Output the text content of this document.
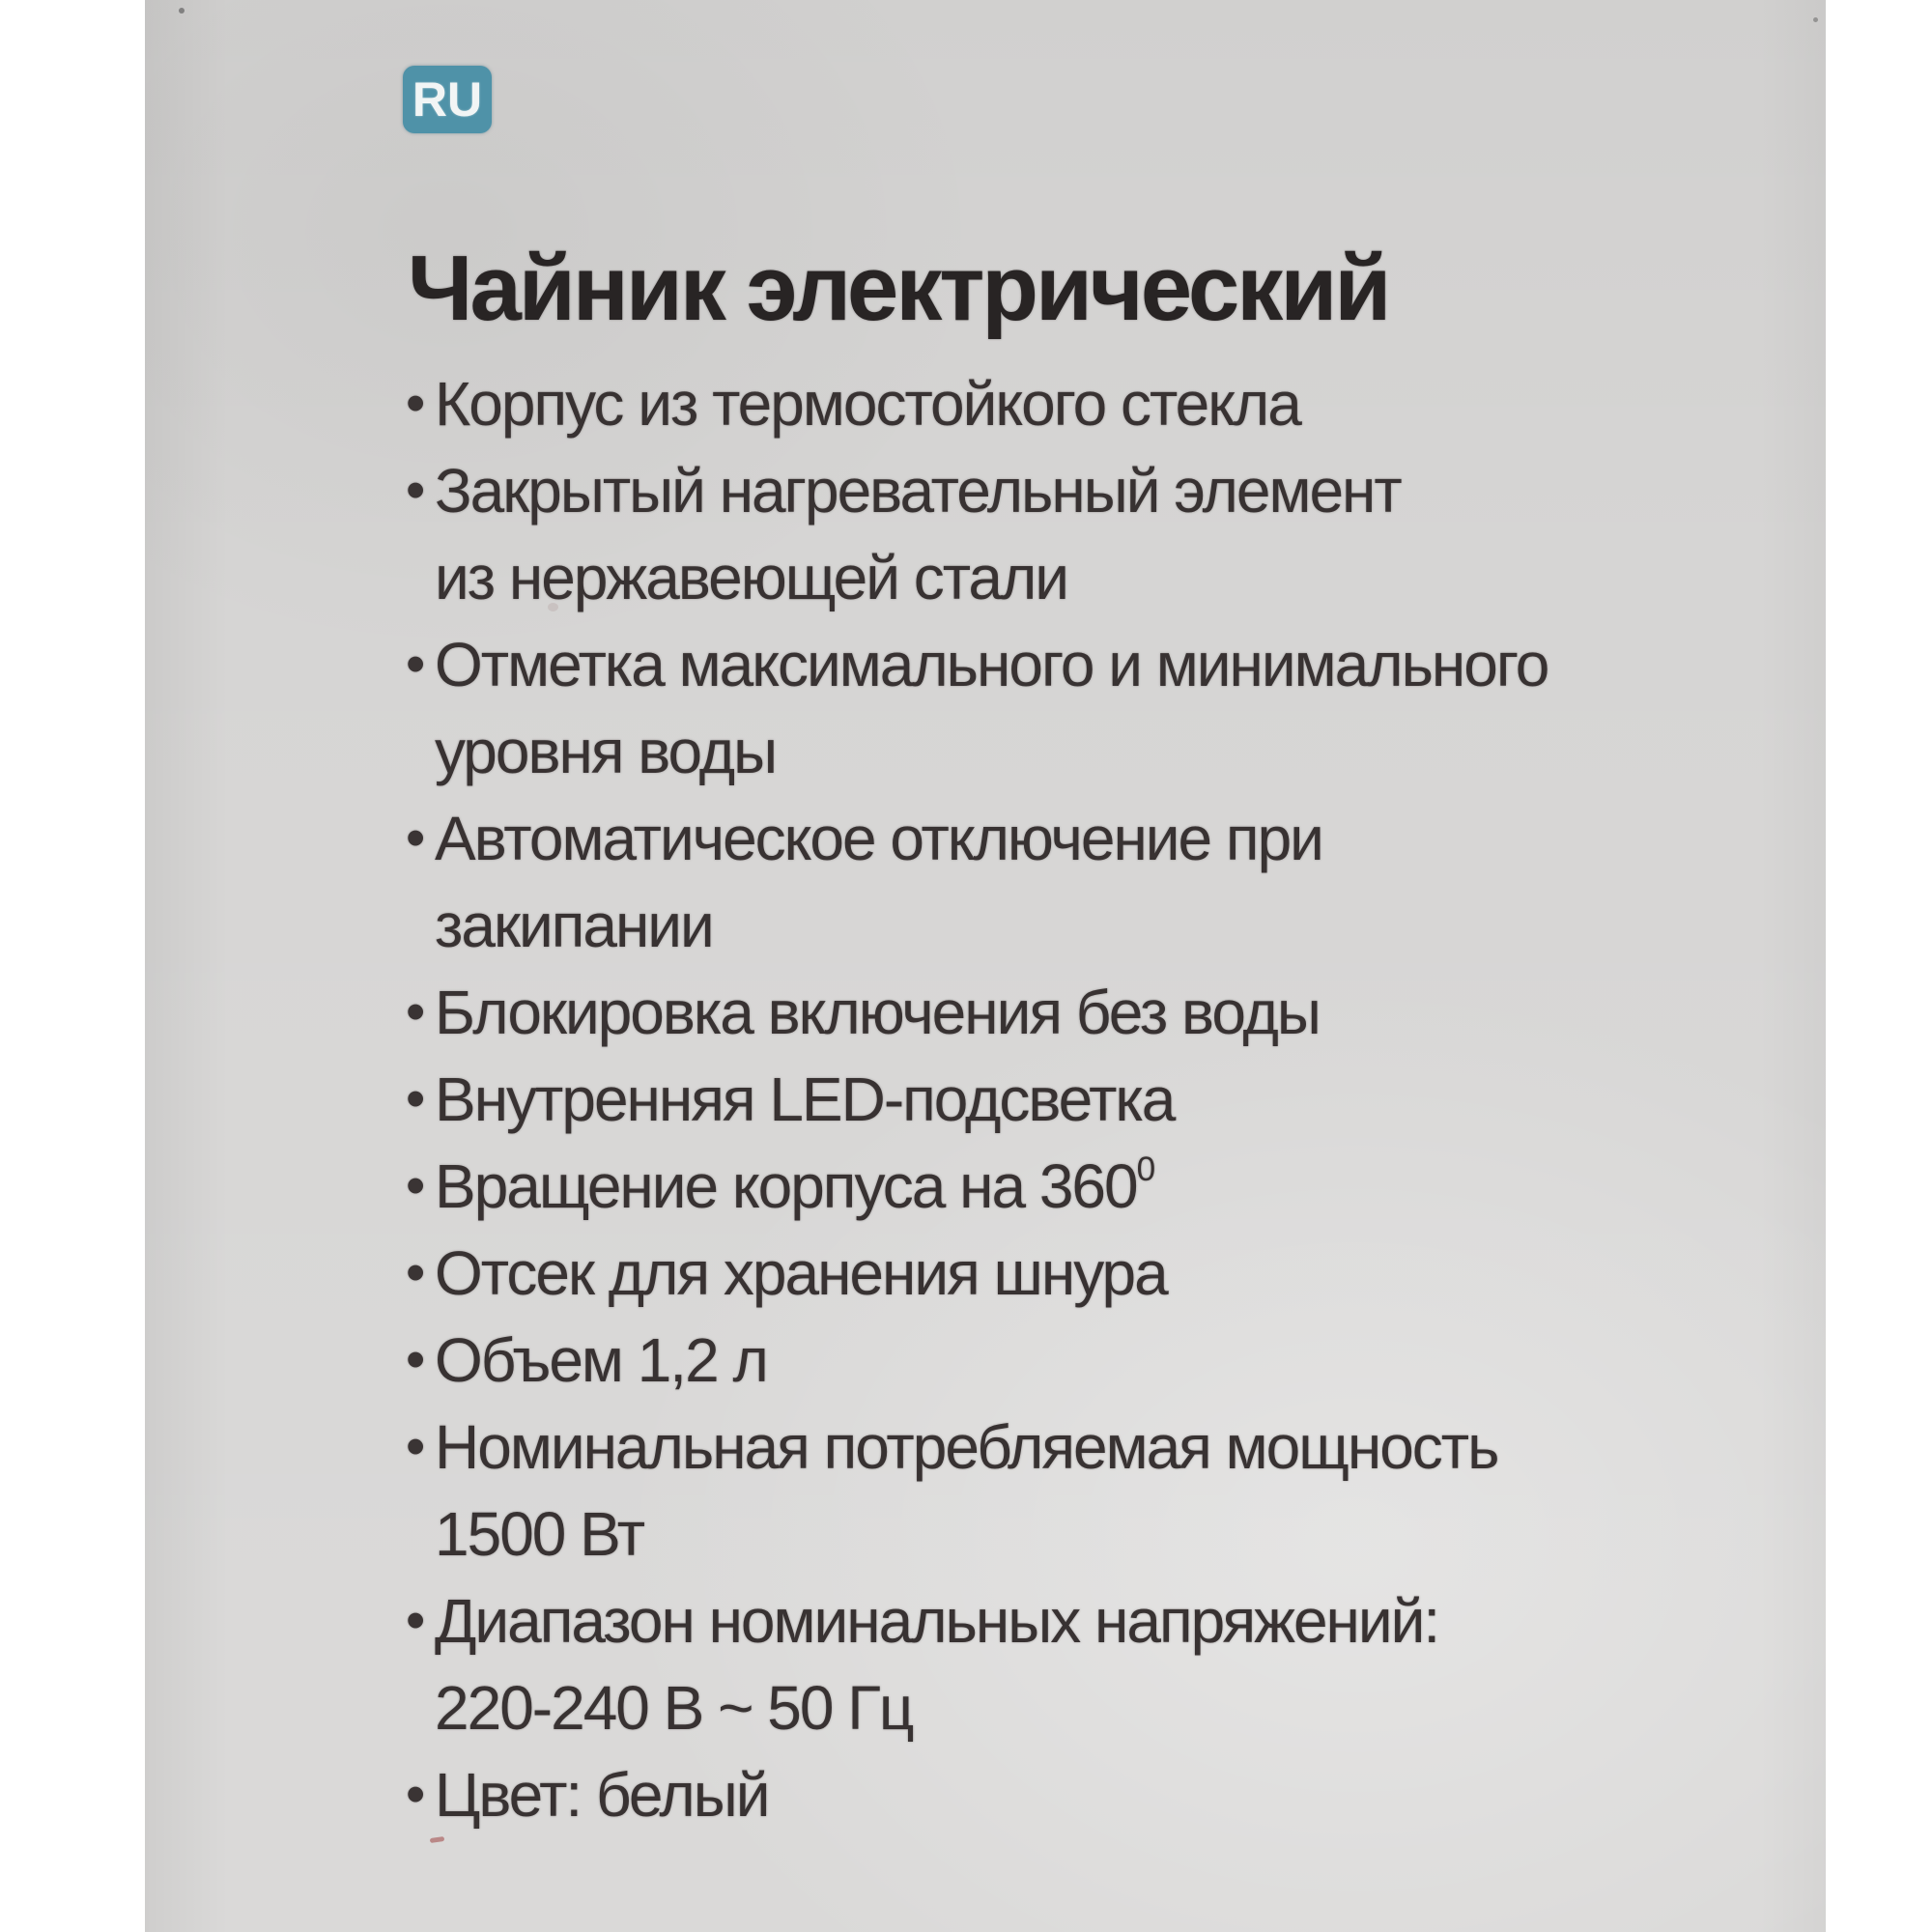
RU
Чайник электрический
• Корпус из термостойкого стекла
• Закрытый нагревательный элемент
из нержавеющей стали
• Отметка максимального и минимального
уровня воды
• Автоматическое отключение при
закипании
• Блокировка включения без воды
• Внутренняя LED-подсветка
• Вращение корпуса на $360^0$
• Отсек для хранения шнура
• Объем 1,2 л
• Номинальная потребляемая мощность
1500 Вт
• Диапазон номинальных напряжений:
220-240 В ~ 50 Гц
• Цвет: белый
